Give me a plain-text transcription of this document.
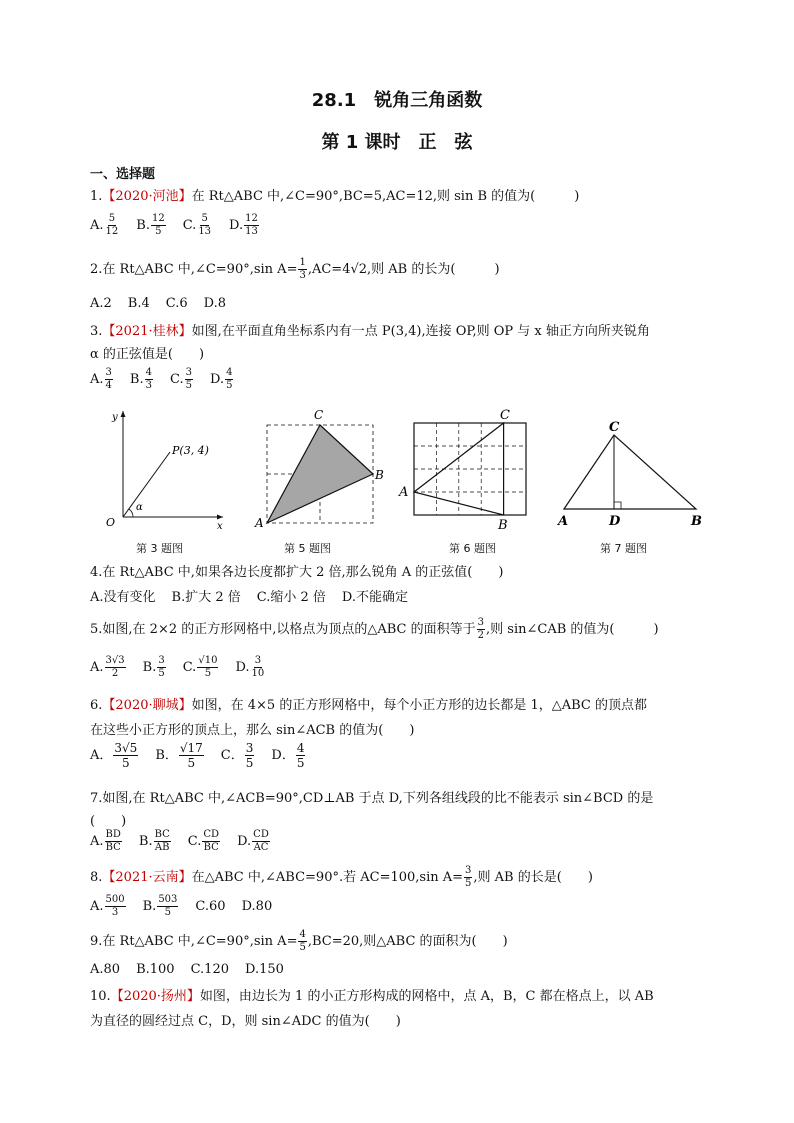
28.1　锐角三角函数
第 1 课时　正　弦
一、选择题
1.【2020·河池】在 Rt△ABC 中,∠C=90°,BC=5,AC=12,则 sin B 的值为(　　　)
A. $\frac{5}{12} B$. $\frac{12}{5} C$. $\frac{5}{13} D$. $\frac{12}{13}$
2.在 Rt△ABC 中,∠C=90°,sin $A= \frac{1}{3} ,AC=4√2$,则 AB 的长为(　　　)
A.2 B.4 C.6 D.8
3.【2021·桂林】如图,在平面直角坐标系内有一点 P(3,4),连接 OP,则 OP 与 x 轴正方向所夹锐角
α 的正弦值是(　　)
A. $\frac{3}{4} B$. $\frac{4}{3} C$. $\frac{3}{5} D$. $\frac{4}{5}$
y
x
O
P(3, 4)
α
第 3 题图
A
B
C
第 5 题图
A
B
C
第 6 题图
A	D	B
C
第 7 题图
4.在 Rt△ABC 中,如果各边长度都扩大 2 倍,那么锐角 A 的正弦值(　　)
A.没有变化 B.扩大 2 倍 C.缩小 2 倍 D.不能确定
5.如图,在 2×2 的正方形网格中,以格点为顶点的△ABC 的面积等于 $\frac{3}{2}$ ,则 sin∠CAB 的值为(　　　)
A. $\frac{3√3}{2} B$. $\frac{3}{5} C$. $\frac{√10}{5} D$. $\frac{3}{10}$
6.【2020·聊城】如图，在 4×5 的正方形网格中，每个小正方形的边长都是 1，△ABC 的顶点都
在这些小正方形的顶点上，那么 sin∠ACB 的值为(　　)
A． $\frac{3√5}{5}$ B． $\frac{√17}{5}$ C． $\frac{3}{5}$ D． $\frac{4}{5}$
7.如图,在 Rt△ABC 中,∠ACB=90°,CD⊥AB 于点 D,下列各组线段的比不能表示 sin∠BCD 的是
(　　)
A. $\frac{BD}{BC} B$. $\frac{BC}{AB} C$. $\frac{CD}{BC} D$. $\frac{CD}{AC}$
8.【2021·云南】在△ABC 中,∠ABC=90°.若 AC=100,sin $A= \frac{3}{5}$ ,则 AB 的长是(　　)
A. $\frac{500}{3} B$. $\frac{503}{5} C.60$ D.80
9.在 Rt△ABC 中,∠C=90°,sin $A= \frac{4}{5} ,BC=20$,则△ABC 的面积为(　　)
A.80 B.100 C.120 D.150
10.【2020·扬州】如图，由边长为 1 的小正方形构成的网格中，点 A，B，C 都在格点上，以 AB
为直径的圆经过点 C，D，则 sin∠ADC 的值为(　　)
